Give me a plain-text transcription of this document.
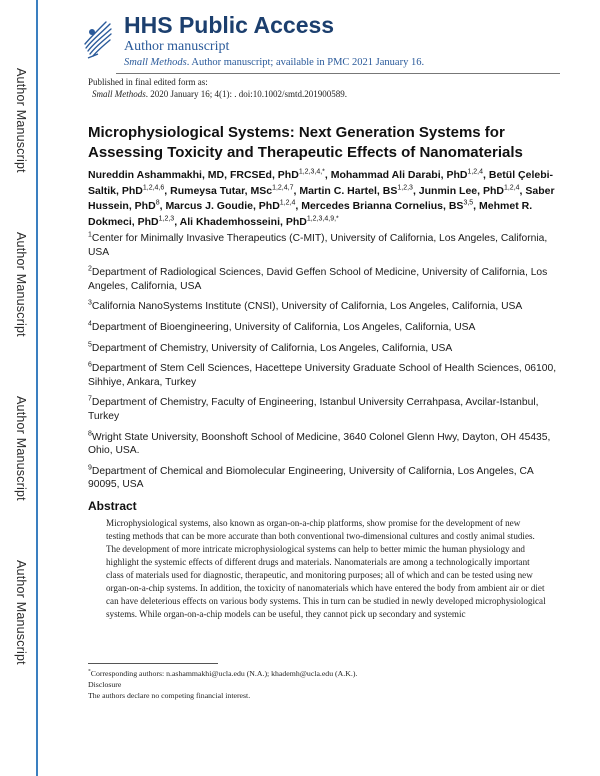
Author Manuscript
Author Manuscript
Author Manuscript
Author Manuscript
HHS Public Access
Author manuscript
Small Methods. Author manuscript; available in PMC 2021 January 16.
Published in final edited form as:
Small Methods. 2020 January 16; 4(1): . doi:10.1002/smtd.201900589.
Microphysiological Systems: Next Generation Systems for Assessing Toxicity and Therapeutic Effects of Nanomaterials
Nureddin Ashammakhi, MD, FRCSEd, PhD$^{1,2,3,4,*}$, Mohammad Ali Darabi, PhD$^{1,2,4}$, Betül Çelebi-Saltik, PhD$^{1,2,4,6}$, Rumeysa Tutar, MSc$^{1,2,4,7}$, Martin C. Hartel, BS$^{1,2,3}$, Junmin Lee, PhD$^{1,2,4}$, Saber Hussein, PhD$^8$, Marcus J. Goudie, PhD$^{1,2,4}$, Mercedes Brianna Cornelius, BS$^{3,5}$, Mehmet R. Dokmeci, PhD$^{1,2,3}$, Ali Khademhosseini, PhD$^{1,2,3,4,9,*}$
$^1$Center for Minimally Invasive Therapeutics (C-MIT), University of California, Los Angeles, California, USA
$^2$Department of Radiological Sciences, David Geffen School of Medicine, University of California, Los Angeles, California, USA
$^3$California NanoSystems Institute (CNSI), University of California, Los Angeles, California, USA
$^4$Department of Bioengineering, University of California, Los Angeles, California, USA
$^5$Department of Chemistry, University of California, Los Angeles, California, USA
$^6$Department of Stem Cell Sciences, Hacettepe University Graduate School of Health Sciences, 06100, Sihhiye, Ankara, Turkey
$^7$Department of Chemistry, Faculty of Engineering, Istanbul University Cerrahpasa, Avcilar-Istanbul, Turkey
$^8$Wright State University, Boonshoft School of Medicine, 3640 Colonel Glenn Hwy, Dayton, OH 45435, Ohio, USA.
$^9$Department of Chemical and Biomolecular Engineering, University of California, Los Angeles, CA 90095, USA
Abstract
Microphysiological systems, also known as organ-on-a-chip platforms, show promise for the development of new testing methods that can be more accurate than both conventional two-dimensional cultures and costly animal studies. The development of more intricate microphysiological systems can help to better mimic the human physiology and highlight the systemic effects of different drugs and materials. Nanomaterials are among a technologically important class of materials used for diagnostic, therapeutic, and monitoring purposes; all of which and can be tested using new organ-on-a-chip systems. In addition, the toxicity of nanomaterials which have entered the body from ambient air or diet can have deleterious effects on various body systems. This in turn can be studied in newly developed microphysiological systems. While organ-on-a-chip models can be useful, they cannot pick up secondary and systemic
*Corresponding authors: n.ashammakhi@ucla.edu (N.A.); khademh@ucla.edu (A.K.).
Disclosure
The authors declare no competing financial interest.
